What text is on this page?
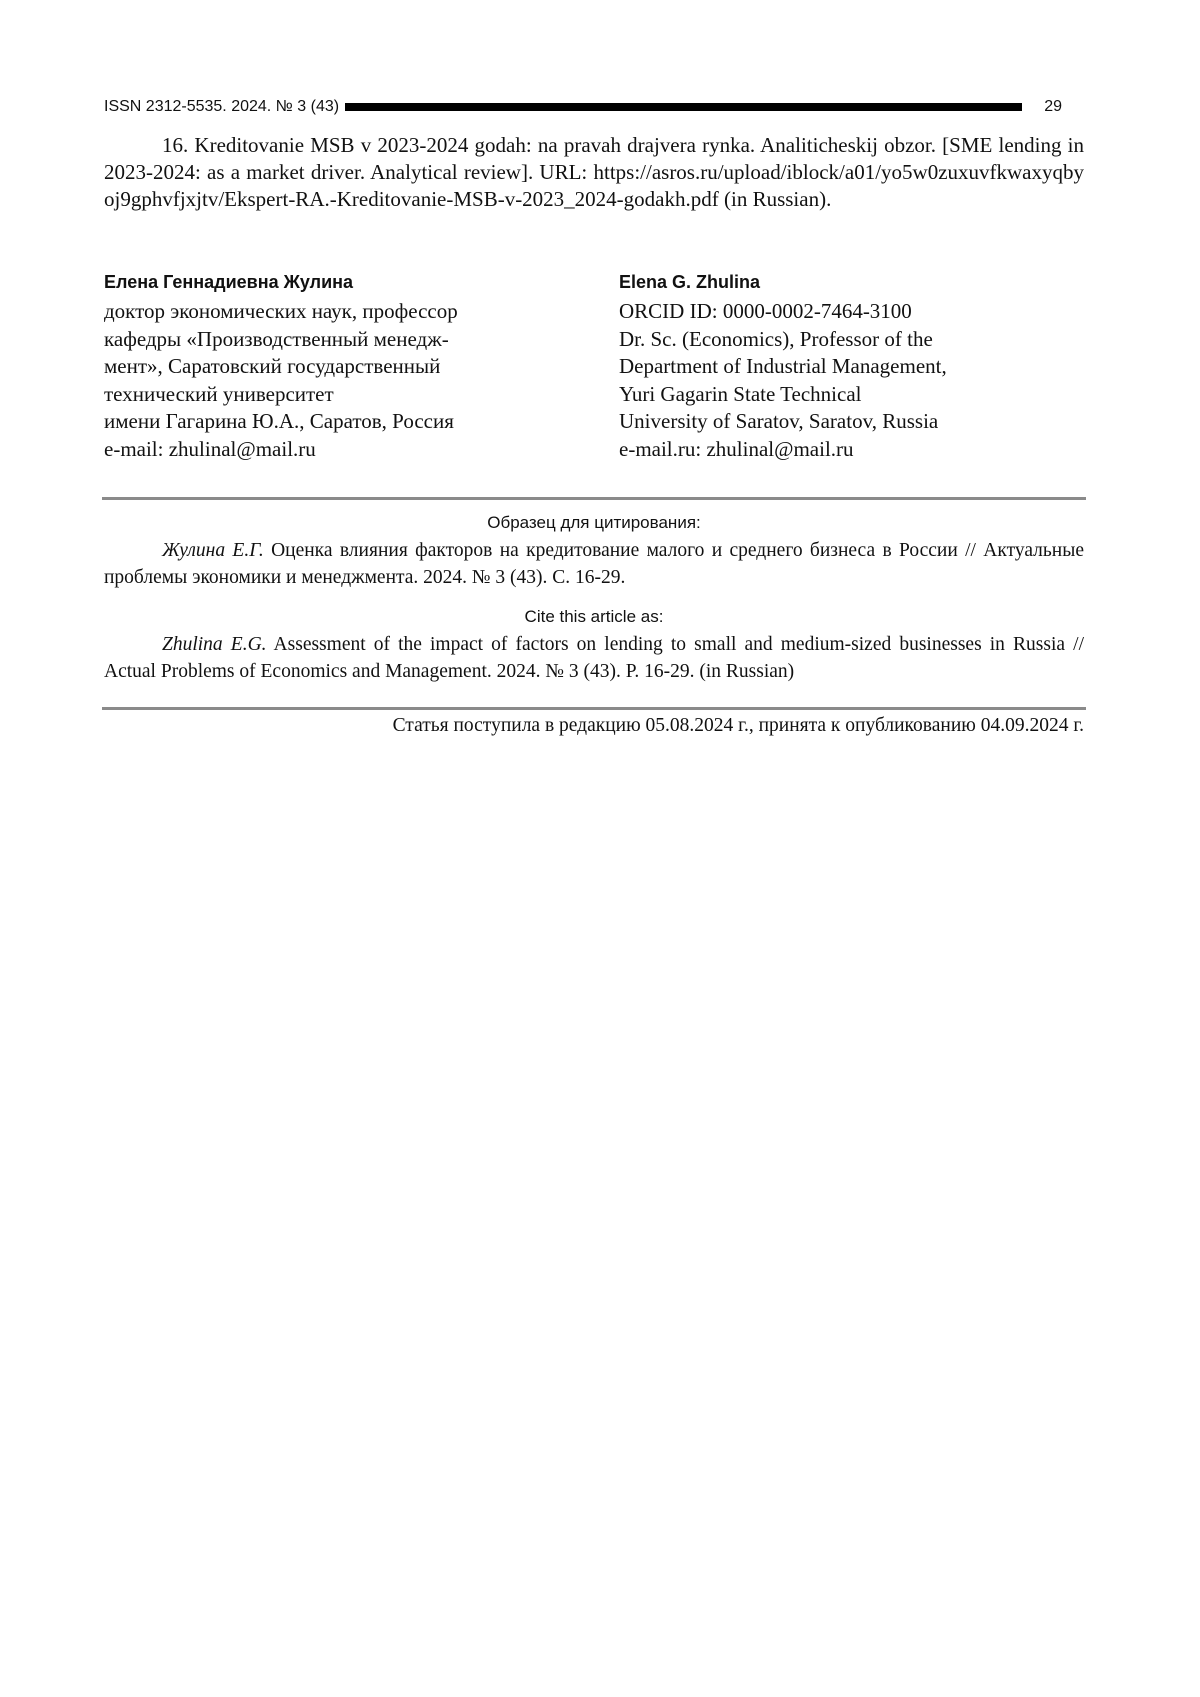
ISSN 2312-5535. 2024. № 3 (43)	29
16. Kreditovanie MSB v 2023-2024 godah: na pravah drajvera rynka. Analiticheskij obzor. [SME lending in 2023-2024: as a market driver. Analytical review]. URL: https://asros.ru/upload/iblock/a01/yo5w0zuxuvfkwaxyqbyoj9gphvfjxjtv/Ekspert-RA.-Kreditovanie-MSB-v-2023_2024-godakh.pdf (in Russian).
Елена Геннадиевна Жулина
доктор экономических наук, профессор
кафедры «Производственный менедж-
мент», Саратовский государственный
технический университет
имени Гагарина Ю.А., Саратов, Россия
e-mail: zhulinal@mail.ru
Elena G. Zhulina
ORCID ID: 0000-0002-7464-3100
Dr. Sc. (Economics), Professor of the
Department of Industrial Management,
Yuri Gagarin State Technical
University of Saratov, Saratov, Russia
e-mail.ru: zhulinal@mail.ru
Образец для цитирования:
Жулина Е.Г. Оценка влияния факторов на кредитование малого и среднего бизнеса в России // Актуальные проблемы экономики и менеджмента. 2024. № 3 (43). С. 16-29.
Cite this article as:
Zhulina E.G. Assessment of the impact of factors on lending to small and medium-sized businesses in Russia // Actual Problems of Economics and Management. 2024. № 3 (43). P. 16-29. (in Russian)
Статья поступила в редакцию 05.08.2024 г., принята к опубликованию 04.09.2024 г.
